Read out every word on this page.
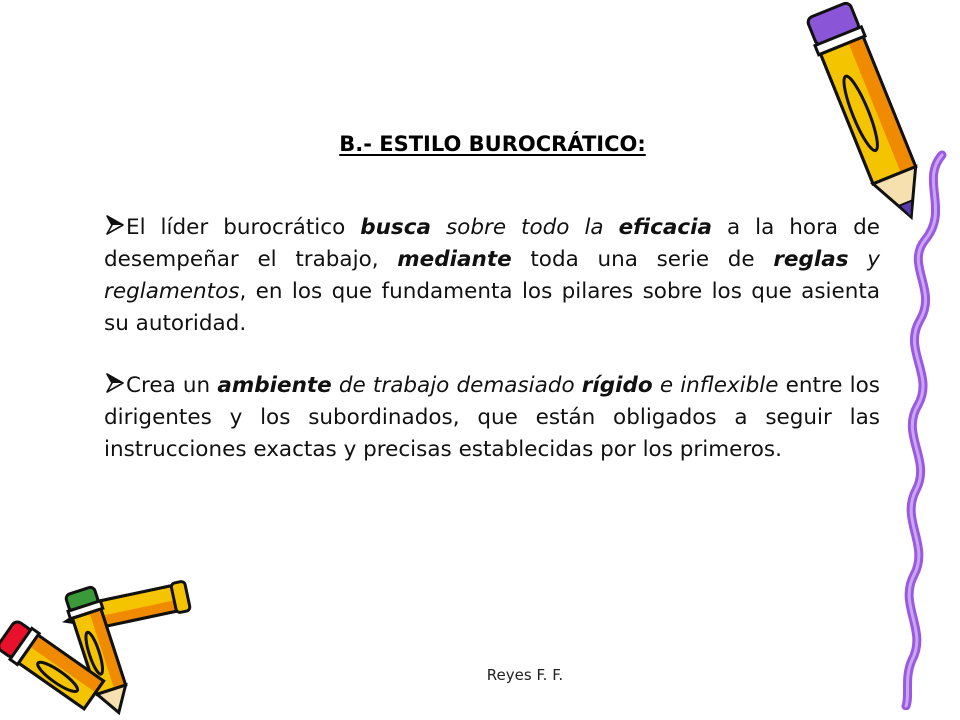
B.- ESTILO BUROCRÁTICO:

El líder burocrático busca sobre todo la eficacia a la hora de desempeñar el trabajo, mediante toda una serie de reglas y reglamentos, en los que fundamenta los pilares sobre los que asienta su autoridad.

Crea un ambiente de trabajo demasiado rígido e inflexible entre los dirigentes y los subordinados, que están obligados a seguir las instrucciones exactas y precisas establecidas por los primeros.

Reyes F. F.
